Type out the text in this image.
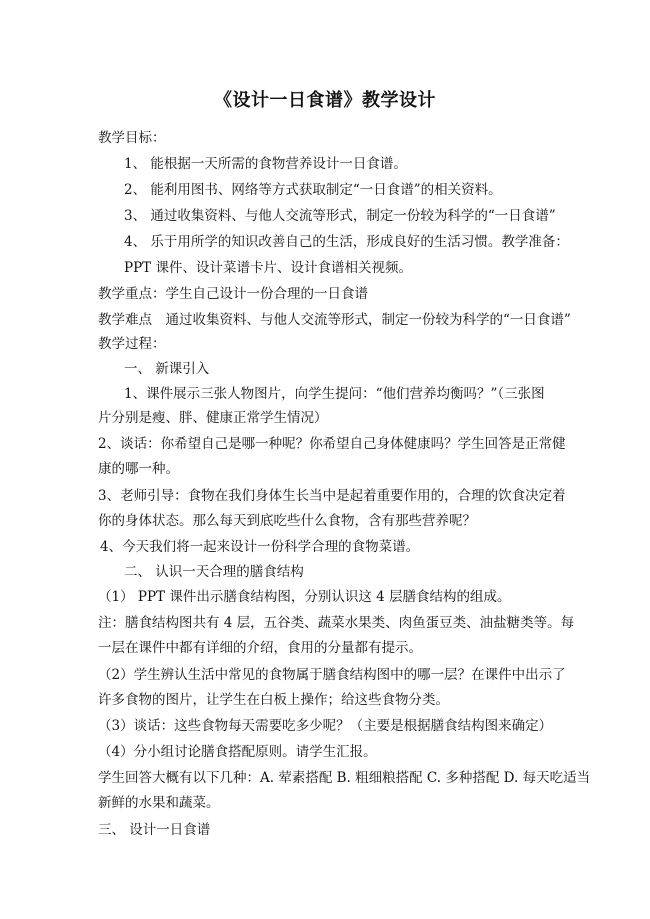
《设计一日食谱》教学设计
教学目标：
1、 能根据一天所需的食物营养设计一日食谱。
2、 能利用图书、网络等方式获取制定“一日食谱”的相关资料。
3、 通过收集资料、与他人交流等形式，制定一份较为科学的“一日食谱”
4、 乐于用所学的知识改善自己的生活，形成良好的生活习惯。教学准备：
PPT 课件、设计菜谱卡片、设计食谱相关视频。
教学重点：学生自己设计一份合理的一日食谱
教学难点　通过收集资料、与他人交流等形式，制定一份较为科学的“一日食谱”
教学过程：
一、 新课引入
1、课件展示三张人物图片，向学生提问：“他们营养均衡吗？”（三张图
片分别是瘦、胖、健康正常学生情况）
2、谈话：你希望自己是哪一种呢？你希望自己身体健康吗？学生回答是正常健
康的哪一种。
3、老师引导：食物在我们身体生长当中是起着重要作用的，合理的饮食决定着
你的身体状态。那么每天到底吃些什么食物，含有那些营养呢？
4、今天我们将一起来设计一份科学合理的食物菜谱。
二、 认识一天合理的膳食结构
（1） PPT 课件出示膳食结构图，分别认识这 4 层膳食结构的组成。
注：膳食结构图共有 4 层，五谷类、蔬菜水果类、肉鱼蛋豆类、油盐糖类等。每
一层在课件中都有详细的介绍，食用的分量都有提示。
（2）学生辨认生活中常见的食物属于膳食结构图中的哪一层？在课件中出示了
许多食物的图片，让学生在白板上操作；给这些食物分类。
（3）谈话：这些食物每天需要吃多少呢？（主要是根据膳食结构图来确定）
（4）分小组讨论膳食搭配原则。请学生汇报。
学生回答大概有以下几种：A. 荤素搭配 B. 粗细粮搭配 C. 多种搭配 D. 每天吃适当
新鲜的水果和蔬菜。
三、 设计一日食谱
